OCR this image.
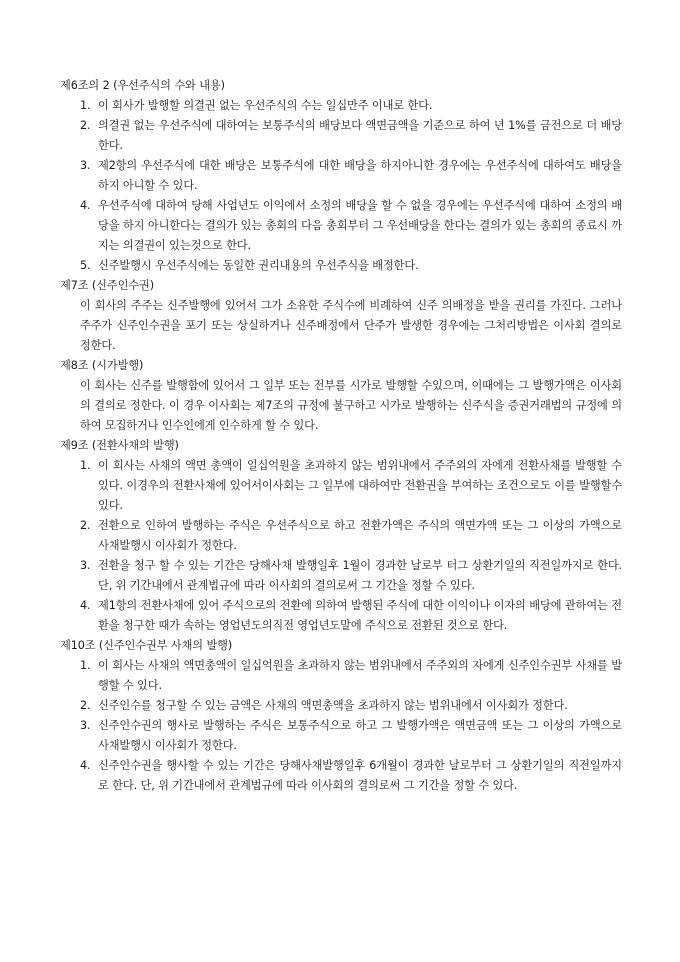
제6조의 2 (우선주식의 수와 내용)

1. 이 회사가 발행할 의결권 없는 우선주식의 수는 일십만주 이내로 한다.
2. 의결권 없는 우선주식에 대하여는 보통주식의 배당보다 액면금액을 기준으로 하여 년 1%를 금전으로 더 배당한다.
3. 제2항의 우선주식에 대한 배당은 보통주식에 대한 배당을 하지아니한 경우에는 우선주식에 대하여도 배당을 하지 아니할 수 있다.
4. 우선주식에 대하여 당해 사업년도 이익에서 소정의 배당을 할 수 없을 경우에는 우선주식에 대하여 소정의 배당을 하지 아니한다는 결의가 있는 총회의 다음 총회부터 그 우선배당을 한다는 결의가 있는 총회의 종료시 까지는 의결권이 있는것으로 한다.
5. 신주발행시 우선주식에는 동일한 권리내용의 우선주식을 배정한다.

제7조 (신주인수권)

이 회사의 주주는 신주발행에 있어서 그가 소유한 주식수에 비례하여 신주 의배정을 받을 권리를 가진다. 그러나 주주가 신주인수권을 포기 또는 상실하거나 신주배정에서 단주가 발생한 경우에는 그처리방법은 이사회 결의로 정한다.

제8조 (시가발행)

이 회사는 신주를 발행함에 있어서 그 일부 또는 전부를 시가로 발행할 수있으며, 이때에는 그 발행가액은 이사회의 결의로 정한다. 이 경우 이사회는 제7조의 규정에 불구하고 시가로 발행하는 신주식을 증권거래법의 규정에 의하여 모집하거나 인수인에게 인수하게 할 수 있다.

제9조 (전환사채의 발행)

1. 이 회사는 사채의 액면 총액이 일십억원을 초과하지 않는 범위내에서 주주외의 자에게 전환사채를 발행할 수 있다. 이경우의 전환사채에 있어서이사회는 그 일부에 대하여만 전환권을 부여하는 조건으로도 이를 발행할수 있다.
2. 전환으로 인하여 발행하는 주식은 우선주식으로 하고 전환가액은 주식의 액면가액 또는 그 이상의 가액으로 사채발행시 이사회가 정한다.
3. 전환을 청구 할 수 있는 기간은 당해사채 발행일후 1월이 경과한 날로부 터그 상환기일의 직전일까지로 한다. 단, 위 기간내에서 관계법규에 따라 이사회의 결의로써 그 기간을 정할 수 있다.
4. 제1항의 전환사채에 있어 주식으로의 전환에 의하여 발행된 주식에 대한 이익이나 이자의 배당에 관하여는 전환을 청구한 때가 속하는 영업년도의직전 영업년도말에 주식으로 전환된 것으로 한다.

제10조 (신주인수권부 사채의 발행)

1. 이 회사는 사채의 액면총액이 일십억원을 초과하지 않는 범위내에서 주주외의 자에게 신주인수권부 사채를 발행할 수 있다.
2. 신주인수를 청구할 수 있는 금액은 사채의 액면총액을 초과하지 않는 범위내에서 이사회가 정한다.
3. 신주인수권의 행사로 발행하는 주식은 보통주식으로 하고 그 발행가액은 액면금액 또는 그 이상의 가액으로 사채발행시 이사회가 정한다.
4. 신주인수권을 행사할 수 있는 기간은 당해사채발행일후 6개월이 경과한 날로부터 그 상환기일의 직전일까지로 한다. 단, 위 기간내에서 관계법규에 따라 이사회의 결의로써 그 기간을 정할 수 있다.
